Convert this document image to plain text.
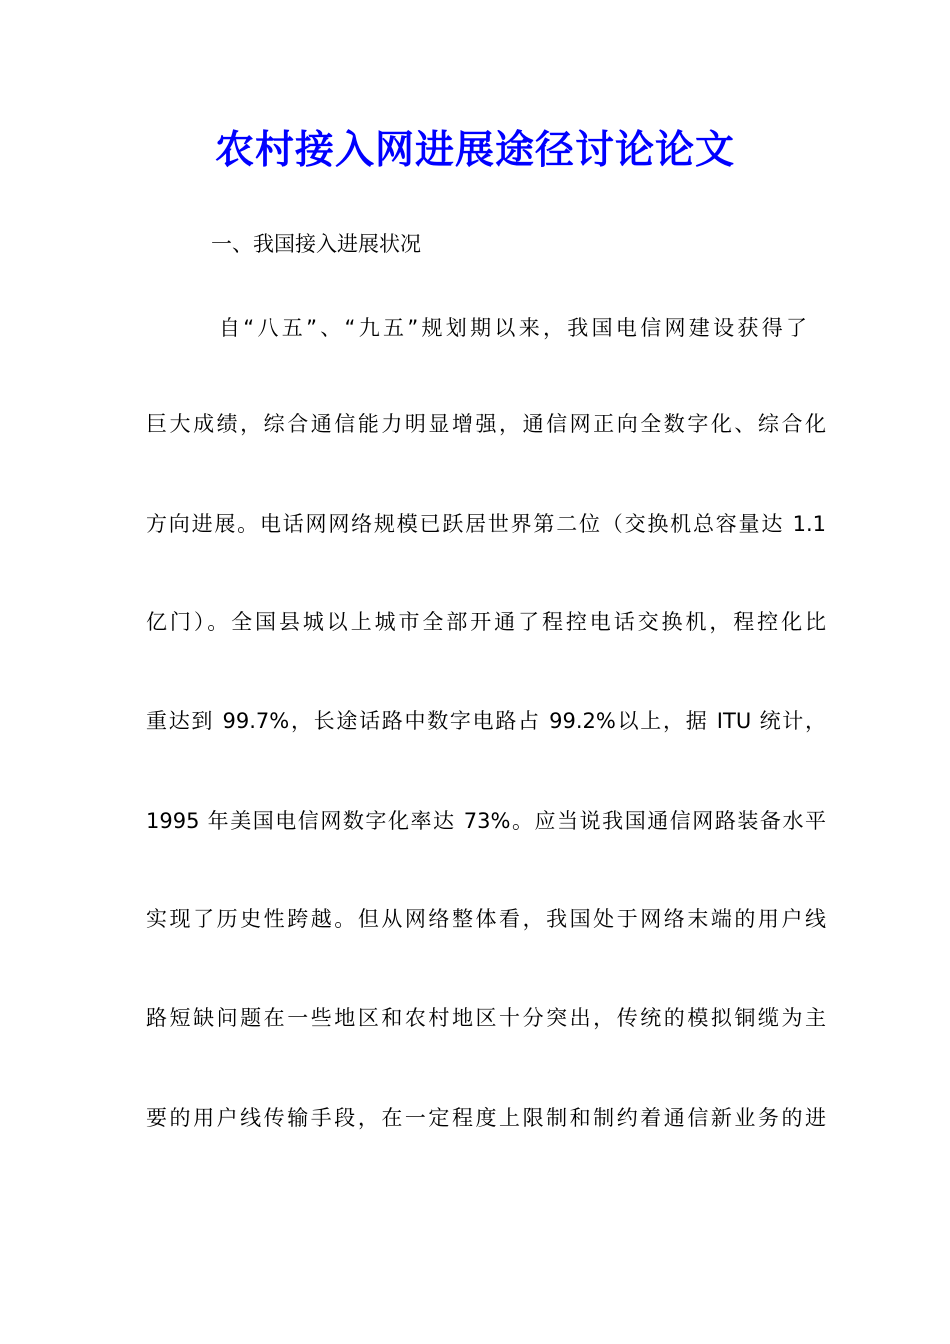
农村接入网进展途径讨论论文

一、我国接入进展状况

自“八五”、“九五”规划期以来，我国电信网建设获得了

巨大成绩，综合通信能力明显增强，通信网正向全数字化、综合化

方向进展。电话网网络规模已跃居世界第二位（交换机总容量达 1.1

亿门）。全国县城以上城市全部开通了程控电话交换机，程控化比

重达到 99.7%，长途话路中数字电路占 99.2%以上，据 ITU 统计，

1995 年美国电信网数字化率达 73%。应当说我国通信网路装备水平

实现了历史性跨越。但从网络整体看，我国处于网络末端的用户线

路短缺问题在一些地区和农村地区十分突出，传统的模拟铜缆为主

要的用户线传输手段，在一定程度上限制和制约着通信新业务的进
